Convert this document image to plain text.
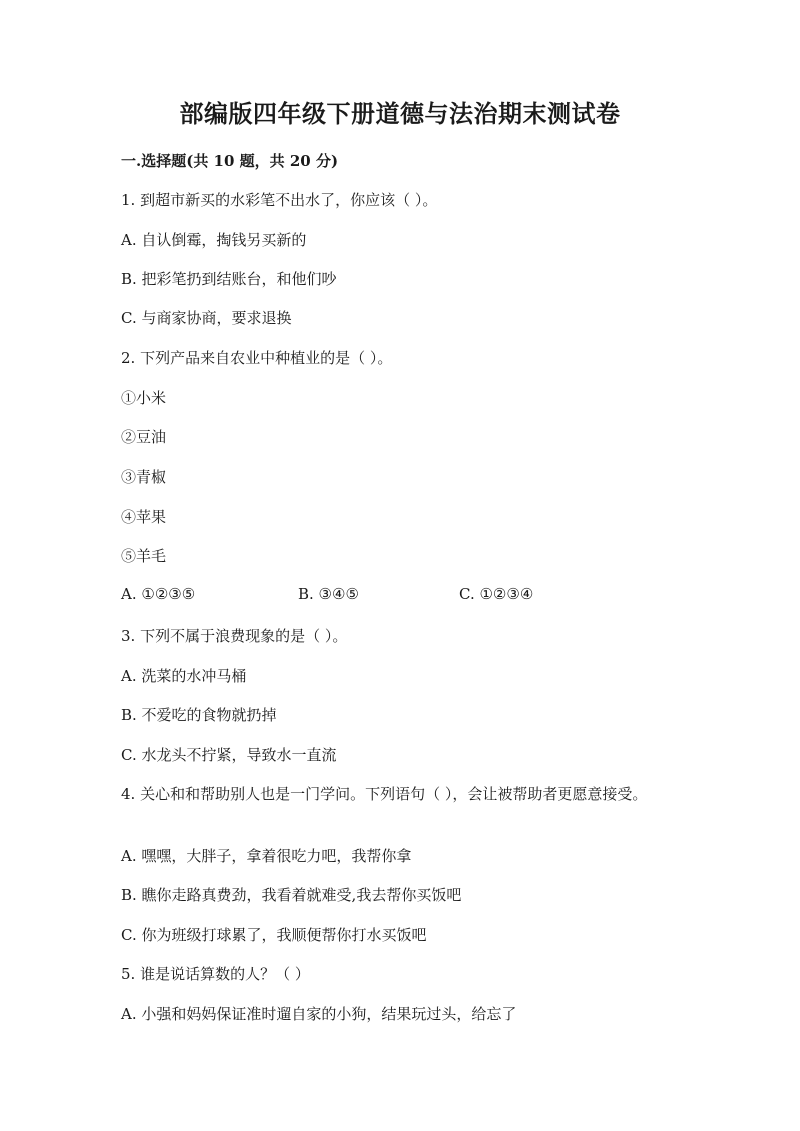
部编版四年级下册道德与法治期末测试卷
一.选择题(共 10 题，共 20 分)
1. 到超市新买的水彩笔不出水了，你应该（ ）。
A. 自认倒霉，掏钱另买新的
B. 把彩笔扔到结账台，和他们吵
C. 与商家协商，要求退换
2. 下列产品来自农业中种植业的是（ ）。
①小米
②豆油
③青椒
④苹果
⑤羊毛
A. ①②③⑤	B. ③④⑤	C. ①②③④
3. 下列不属于浪费现象的是（ ）。
A. 洗菜的水冲马桶
B. 不爱吃的食物就扔掉
C. 水龙头不拧紧，导致水一直流
4. 关心和和帮助别人也是一门学问。下列语句（ ），会让被帮助者更愿意接受。
A. 嘿嘿，大胖子，拿着很吃力吧，我帮你拿
B. 瞧你走路真费劲，我看着就难受,我去帮你买饭吧
C. 你为班级打球累了，我顺便帮你打水买饭吧
5. 谁是说话算数的人？（ ）
A. 小强和妈妈保证准时遛自家的小狗，结果玩过头，给忘了
